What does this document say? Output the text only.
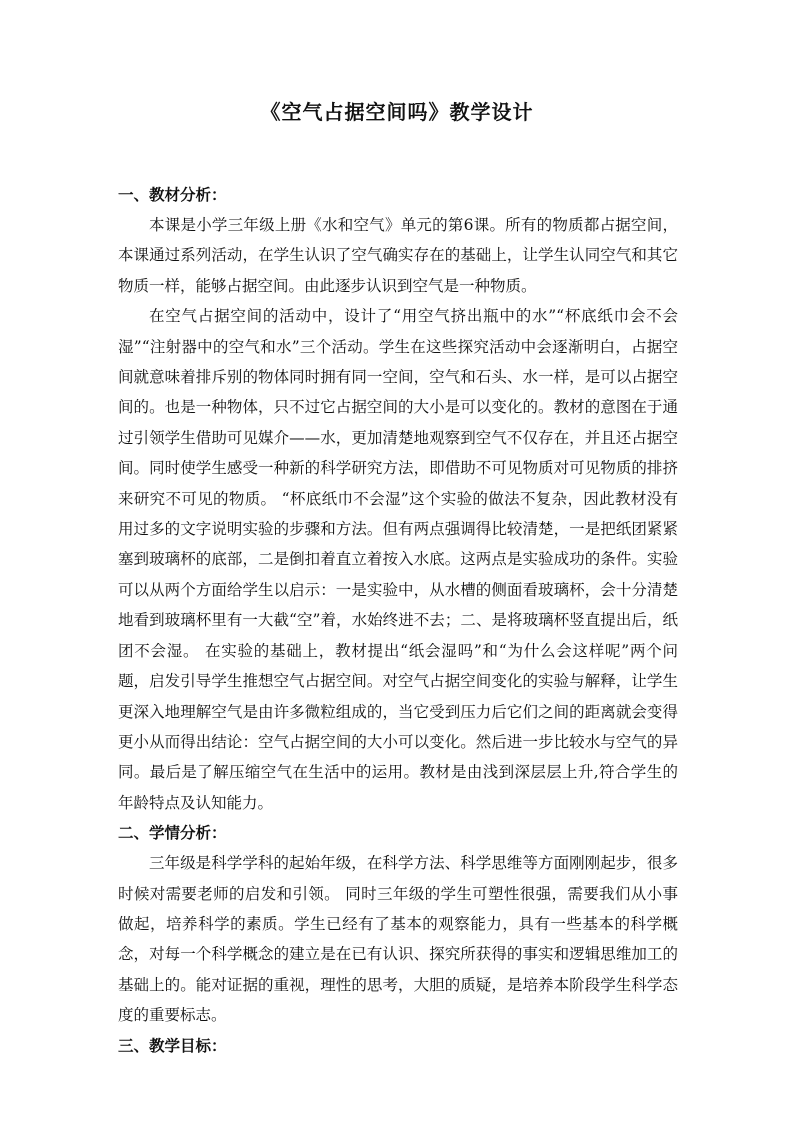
《空气占据空间吗》教学设计

一、教材分析：

本课是小学三年级上册《水和空气》单元的第6课。所有的物质都占据空间，本课通过系列活动，在学生认识了空气确实存在的基础上，让学生认同空气和其它物质一样，能够占据空间。由此逐步认识到空气是一种物质。

在空气占据空间的活动中，设计了“用空气挤出瓶中的水”“杯底纸巾会不会湿”“注射器中的空气和水”三个活动。学生在这些探究活动中会逐渐明白，占据空间就意味着排斥别的物体同时拥有同一空间，空气和石头、水一样，是可以占据空间的。也是一种物体，只不过它占据空间的大小是可以变化的。教材的意图在于通过引领学生借助可见媒介——水，更加清楚地观察到空气不仅存在，并且还占据空间。同时使学生感受一种新的科学研究方法，即借助不可见物质对可见物质的排挤来研究不可见的物质。 “杯底纸巾不会湿”这个实验的做法不复杂，因此教材没有用过多的文字说明实验的步骤和方法。但有两点强调得比较清楚，一是把纸团紧紧塞到玻璃杯的底部，二是倒扣着直立着按入水底。这两点是实验成功的条件。实验可以从两个方面给学生以启示：一是实验中，从水槽的侧面看玻璃杯，会十分清楚地看到玻璃杯里有一大截“空”着，水始终进不去；二、是将玻璃杯竖直提出后，纸团不会湿。 在实验的基础上，教材提出“纸会湿吗”和“为什么会这样呢”两个问题，启发引导学生推想空气占据空间。对空气占据空间变化的实验与解释，让学生更深入地理解空气是由许多微粒组成的，当它受到压力后它们之间的距离就会变得更小从而得出结论：空气占据空间的大小可以变化。然后进一步比较水与空气的异同。最后是了解压缩空气在生活中的运用。教材是由浅到深层层上升,符合学生的年龄特点及认知能力。

二、学情分析：

三年级是科学学科的起始年级，在科学方法、科学思维等方面刚刚起步，很多时候对需要老师的启发和引领。 同时三年级的学生可塑性很强，需要我们从小事做起，培养科学的素质。学生已经有了基本的观察能力，具有一些基本的科学概念，对每一个科学概念的建立是在已有认识、探究所获得的事实和逻辑思维加工的基础上的。能对证据的重视，理性的思考，大胆的质疑，是培养本阶段学生科学态度的重要标志。

三、教学目标：
